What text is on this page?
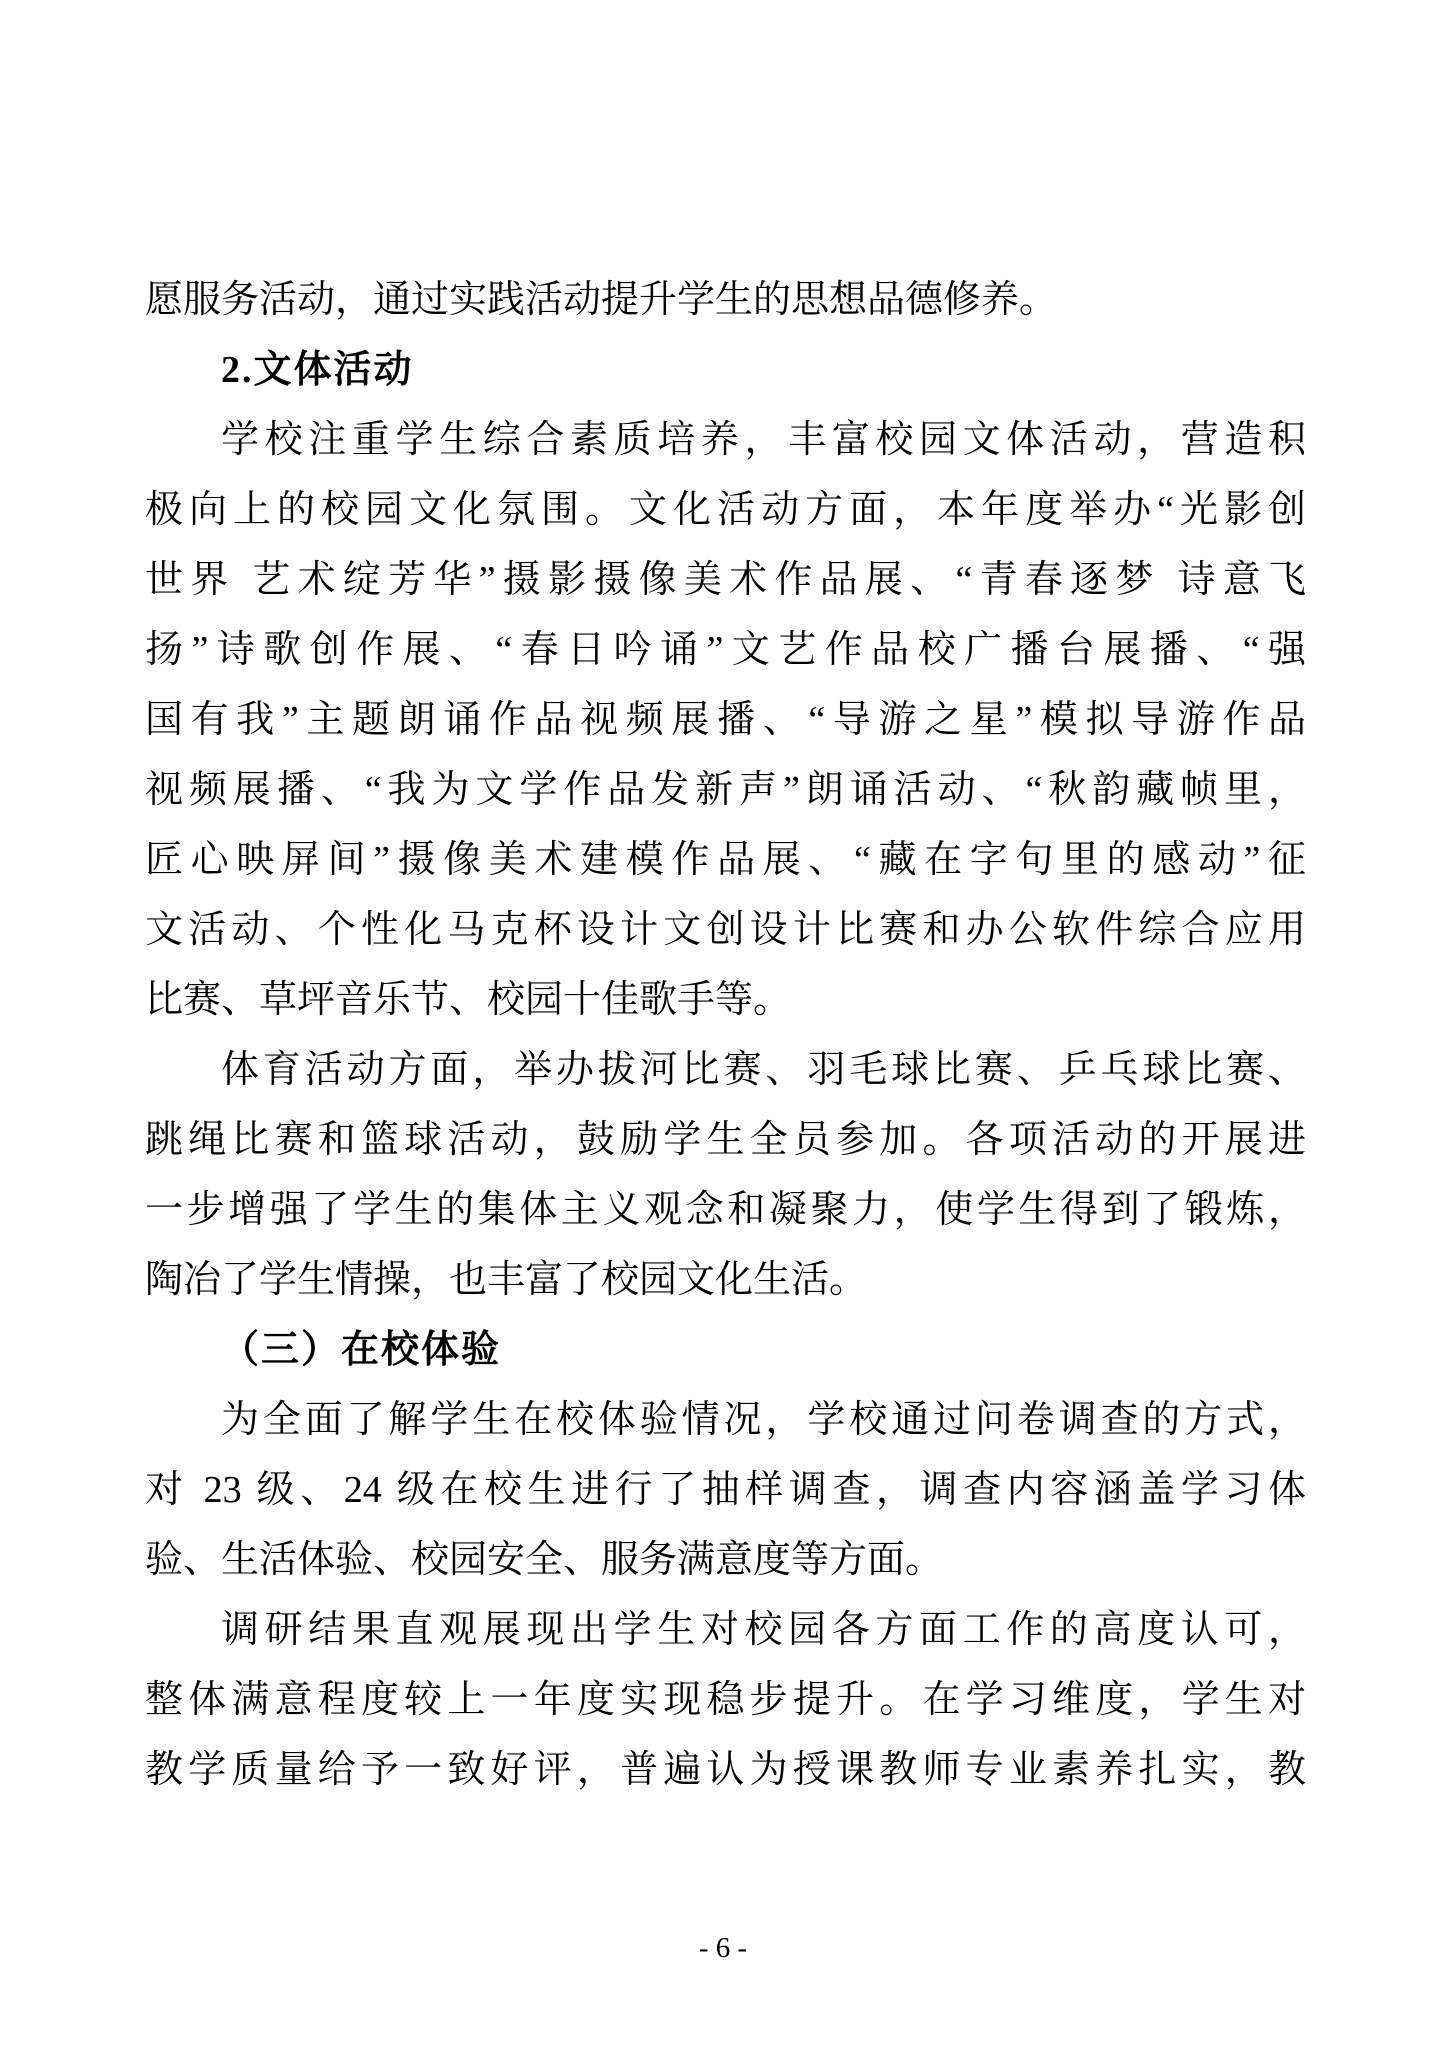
愿服务活动，通过实践活动提升学生的思想品德修养。
2.文体活动
学校注重学生综合素质培养，丰富校园文体活动，营造积
极向上的校园文化氛围。文化活动方面，本年度举办“光影创
世界 艺术绽芳华”摄影摄像美术作品展、“青春逐梦 诗意飞
扬”诗歌创作展、“春日吟诵”文艺作品校广播台展播、“强
国有我”主题朗诵作品视频展播、“导游之星”模拟导游作品
视频展播、“我为文学作品发新声”朗诵活动、“秋韵藏帧里，
匠心映屏间”摄像美术建模作品展、“藏在字句里的感动”征
文活动、个性化马克杯设计文创设计比赛和办公软件综合应用
比赛、草坪音乐节、校园十佳歌手等。
体育活动方面，举办拔河比赛、羽毛球比赛、乒乓球比赛、
跳绳比赛和篮球活动，鼓励学生全员参加。各项活动的开展进
一步增强了学生的集体主义观念和凝聚力，使学生得到了锻炼，
陶冶了学生情操，也丰富了校园文化生活。
（三）在校体验
为全面了解学生在校体验情况，学校通过问卷调查的方式，
对 23 级、24 级在校生进行了抽样调查，调查内容涵盖学习体
验、生活体验、校园安全、服务满意度等方面。
调研结果直观展现出学生对校园各方面工作的高度认可，
整体满意程度较上一年度实现稳步提升。在学习维度，学生对
教学质量给予一致好评，普遍认为授课教师专业素养扎实，教
- 6 -
